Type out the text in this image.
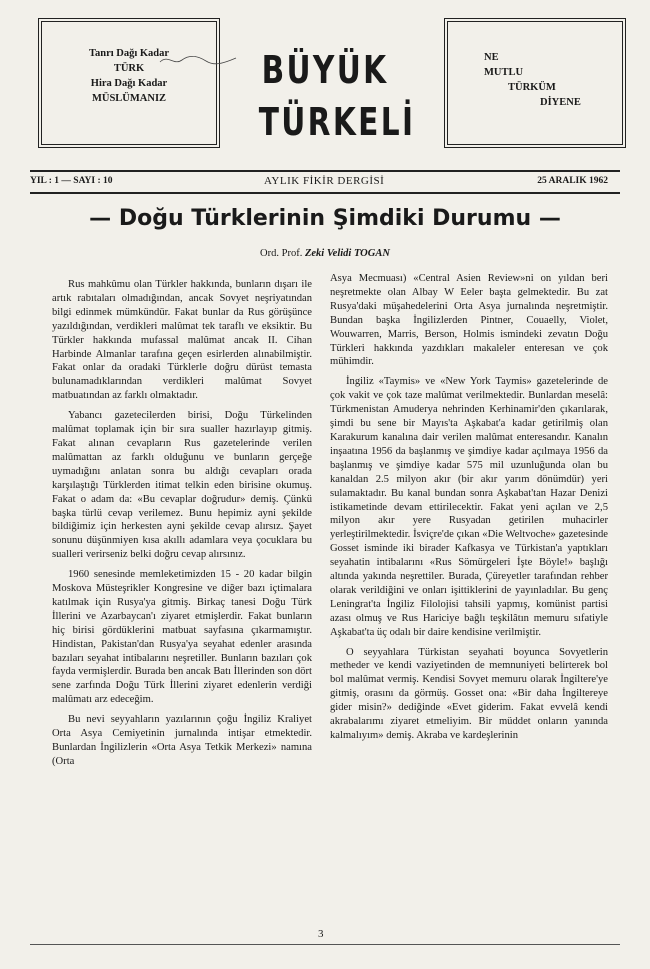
Tanrı Dağı Kadar
TÜRK
Hira Dağı Kadar
MÜSLÜMANIZ
BÜYÜK
TÜRKELİ
NE
MUTLU
TÜRKÜM
DİYENE
YIL : 1 — SAYI : 10	AYLIK FİKİR DERGİSİ	25 ARALIK 1962
— Doğu Türklerinin Şimdiki Durumu —
Ord. Prof. Zeki Velidi TOGAN

Rus mahkûmu olan Türkler hakkında, bunların dışarı ile artık rabıtaları olmadığından, ancak Sovyet neşriyatından bilgi edinmek mümkündür. Fakat bunlar da Rus görüşünce yazıldığından, verdikleri malûmat tek taraflı ve eksiktir. Bu Türkler hakkında mufassal malûmat ancak II. Cihan Harbinde Almanlar tarafına geçen esirlerden alınabilmiştir. Fakat onlar da oradaki Türklerle doğru dürüst temasta bulunamadıklarından verdikleri malûmat Sovyet matbuatından az farklı olmaktadır.

Yabancı gazetecilerden birisi, Doğu Türkelinden malûmat toplamak için bir sıra sualler hazırlayıp gitmiş. Fakat alınan cevapların Rus gazetelerinde verilen malûmattan az farklı olduğunu ve bunların gerçeğe uymadığını anlatan sonra bu aldığı cevapları orada karşılaştığı Türklerden itimat telkin eden birisine okumuş. Fakat o adam da: «Bu cevaplar doğrudur» demiş. Çünkü başka türlü cevap verilemez. Bunu hepimiz ayni şekilde bildiğimiz için herkesten ayni şekilde cevap alırsız. Şayet sonunu düşünmiyen kısa akıllı adamlara veya çocuklara bu sualleri verirseniz belki doğru cevap alırsınız.

1960 senesinde memleketimizden 15 - 20 kadar bilgin Moskova Müsteşrikler Kongresine ve diğer bazı içtimalara katılmak için Rusya'ya gitmiş. Birkaç tanesi Doğu Türk İllerini ve Azarbaycan'ı ziyaret etmişlerdir. Fakat bunların hiç birisi gördüklerini matbuat sayfasına çıkarmamıştır. Hindistan, Pakistan'dan Rusya'ya seyahat edenler arasında bazıları seyahat intibalarını neşretiller. Bunların bazıları çok fayda vermişlerdir. Burada ben ancak Batı İllerinden son dört sene zarfında Doğu Türk İllerini ziyaret edenlerin verdiği malûmatı arz edeceğim.

Bu nevi seyyahların yazılarının çoğu İngiliz Kraliyet Orta Asya Cemiyetinin jurnalında intişar etmektedir. Bunlardan İngilizlerin «Orta Asya Tetkik Merkezi» namına (Orta

Asya Mecmuası) «Central Asien Review»ni on yıldan beri neşretmekte olan Albay W Eeler başta gelmektedir. Bu zat Rusya'daki müşahedelerini Orta Asya jurnalında neşretmiştir. Bundan başka İngilizlerden Pintner, Couaelly, Violet, Wouwarren, Marris, Berson, Holmis ismindeki zevatın Doğu Türkleri hakkında yazdıkları makaleler enteresan ve çok mühimdir.

İngiliz «Taymis» ve «New York Taymis» gazetelerinde de çok vakit ve çok taze malûmat verilmektedir. Bunlardan meselâ: Türkmenistan Amuderya nehrinden Kerhinamir'den çıkarılarak, şimdi bu sene bir Mayıs'ta Aşkabat'a kadar getirilmiş olan Karakurum kanalına dair verilen malûmat enteresandır. Kanalın inşaatına 1956 da başlanmış ve şimdiye kadar açılmaya 1956 da başlanmış ve şimdiye kadar 575 mil uzunluğunda olan bu kanaldan 2.5 milyon akır (bir akır yarım dönümdür) yeri sulamaktadır. Bu kanal bundan sonra Aşkabat'tan Hazar Denizi istikametinde devam ettirilecektir. Fakat yeni açılan ve 2,5 milyon akır yere Rusyadan getirilen muhacirler yerleştirilmektedir. İsviçre'de çıkan «Die Weltvoche» gazetesinde Gosset isminde iki birader Kafkasya ve Türkistan'a yaptıkları seyahatin intibalarını «Rus Sömürgeleri İşte Böyle!» başlığı altında yakında neşrettiler. Burada, Çüreyetler tarafından rehber olarak verildiğini ve onları işittiklerini de yayınladılar. Bu genç Leningrat'ta İngiliz Filolojisi tahsili yapmış, komünist partisi azası olmuş ve Rus Hariciye bağlı teşkilâtın memuru sıfatiyle Aşkabat'ta üç odalı bir daire kendisine verilmiştir.

O seyyahlara Türkistan seyahati boyunca Sovyetlerin metheder ve kendi vaziyetinden de memnuniyeti belirterek bol bol malûmat vermiş. Kendisi Sovyet memuru olarak İngiltere'ye gitmiş, orasını da görmüş. Gosset ona: «Bir daha İngiltereye gider misin?» dediğinde «Evet giderim. Fakat evvelâ kendi akrabalarımı ziyaret etmeliyim. Bir müddet onların yanında kalmalıyım» demiş. Akraba ve kardeşlerinin

3
